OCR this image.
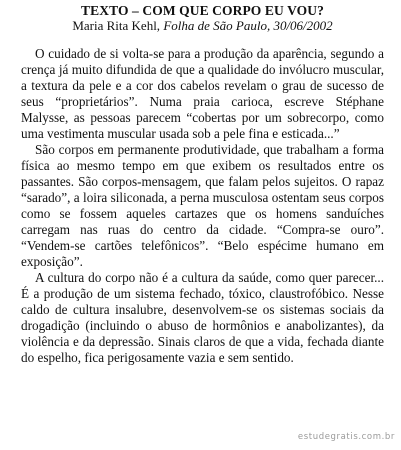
TEXTO – COM QUE CORPO EU VOU?
Maria Rita Kehl, Folha de São Paulo, 30/06/2002

O cuidado de si volta-se para a produção da aparência, segundo a crença já muito difundida de que a qualidade do invólucro muscular, a textura da pele e a cor dos cabelos revelam o grau de sucesso de seus “proprietários”. Numa praia carioca, escreve Stéphane Malysse, as pessoas parecem “cobertas por um sobrecorpo, como uma vestimenta muscular usada sob a pele fina e esticada...”

São corpos em permanente produtividade, que trabalham a forma física ao mesmo tempo em que exibem os resultados entre os passantes. São corpos-mensagem, que falam pelos sujeitos. O rapaz “sarado”, a loira siliconada, a perna musculosa ostentam seus corpos como se fossem aqueles cartazes que os homens sanduíches carregam nas ruas do centro da cidade. “Compra-se ouro”. “Vendem-se cartões telefônicos”. “Belo espécime humano em exposição”.

A cultura do corpo não é a cultura da saúde, como quer parecer... É a produção de um sistema fechado, tóxico, claustrofóbico. Nesse caldo de cultura insalubre, desenvolvem-se os sistemas sociais da drogadição (incluindo o abuso de hormônios e anabolizantes), da violência e da depressão. Sinais claros de que a vida, fechada diante do espelho, fica perigosamente vazia e sem sentido.

estudegratis.com.br
